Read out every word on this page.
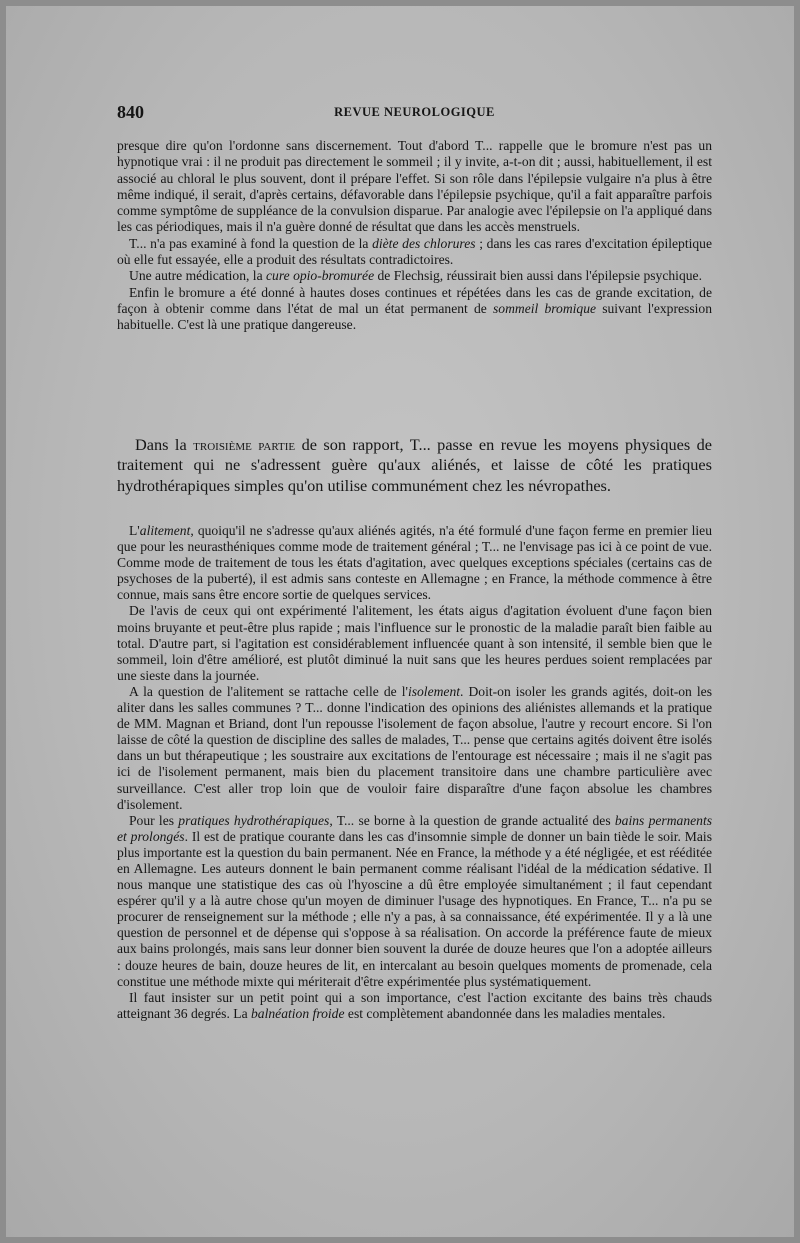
840	REVUE NEUROLOGIQUE

presque dire qu'on l'ordonne sans discernement. Tout d'abord T... rappelle que le bromure n'est pas un hypnotique vrai : il ne produit pas directement le sommeil ; il y invite, a-t-on dit ; aussi, habituellement, il est associé au chloral le plus souvent, dont il prépare l'effet. Si son rôle dans l'épilepsie vulgaire n'a plus à être même indiqué, il serait, d'après certains, défavorable dans l'épilepsie psychique, qu'il a fait apparaître parfois comme symptôme de suppléance de la convulsion disparue. Par analogie avec l'épilepsie on l'a appliqué dans les cas périodiques, mais il n'a guère donné de résultat que dans les accès menstruels.

T... n'a pas examiné à fond la question de la diète des chlorures ; dans les cas rares d'excitation épileptique où elle fut essayée, elle a produit des résultats contradictoires.

Une autre médication, la cure opio-bromurée de Flechsig, réussirait bien aussi dans l'épilepsie psychique.

Enfin le bromure a été donné à hautes doses continues et répétées dans les cas de grande excitation, de façon à obtenir comme dans l'état de mal un état permanent de sommeil bromique suivant l'expression habituelle. C'est là une pratique dangereuse.

Dans la troisième partie de son rapport, T... passe en revue les moyens physiques de traitement qui ne s'adressent guère qu'aux aliénés, et laisse de côté les pratiques hydrothérapiques simples qu'on utilise communément chez les névropathes.

L'alitement, quoiqu'il ne s'adresse qu'aux aliénés agités, n'a été formulé d'une façon ferme en premier lieu que pour les neurasthéniques comme mode de traitement général ; T... ne l'envisage pas ici à ce point de vue. Comme mode de traitement de tous les états d'agitation, avec quelques exceptions spéciales (certains cas de psychoses de la puberté), il est admis sans conteste en Allemagne ; en France, la méthode commence à être connue, mais sans être encore sortie de quelques services.

De l'avis de ceux qui ont expérimenté l'alitement, les états aigus d'agitation évoluent d'une façon bien moins bruyante et peut-être plus rapide ; mais l'influence sur le pronostic de la maladie paraît bien faible au total. D'autre part, si l'agitation est considérablement influencée quant à son intensité, il semble bien que le sommeil, loin d'être amélioré, est plutôt diminué la nuit sans que les heures perdues soient remplacées par une sieste dans la journée.

A la question de l'alitement se rattache celle de l'isolement. Doit-on isoler les grands agités, doit-on les aliter dans les salles communes ? T... donne l'indication des opinions des aliénistes allemands et la pratique de MM. Magnan et Briand, dont l'un repousse l'isolement de façon absolue, l'autre y recourt encore. Si l'on laisse de côté la question de discipline des salles de malades, T... pense que certains agités doivent être isolés dans un but thérapeutique ; les soustraire aux excitations de l'entourage est nécessaire ; mais il ne s'agit pas ici de l'isolement permanent, mais bien du placement transitoire dans une chambre particulière avec surveillance. C'est aller trop loin que de vouloir faire disparaître d'une façon absolue les chambres d'isolement.

Pour les pratiques hydrothérapiques, T... se borne à la question de grande actualité des bains permanents et prolongés. Il est de pratique courante dans les cas d'insomnie simple de donner un bain tiède le soir. Mais plus importante est la question du bain permanent. Née en France, la méthode y a été négligée, et est rééditée en Allemagne. Les auteurs donnent le bain permanent comme réalisant l'idéal de la médication sédative. Il nous manque une statistique des cas où l'hyoscine a dû être employée simultanément ; il faut cependant espérer qu'il y a là autre chose qu'un moyen de diminuer l'usage des hypnotiques. En France, T... n'a pu se procurer de renseignement sur la méthode ; elle n'y a pas, à sa connaissance, été expérimentée. Il y a là une question de personnel et de dépense qui s'oppose à sa réalisation. On accorde la préférence faute de mieux aux bains prolongés, mais sans leur donner bien souvent la durée de douze heures que l'on a adoptée ailleurs : douze heures de bain, douze heures de lit, en intercalant au besoin quelques moments de promenade, cela constitue une méthode mixte qui mériterait d'être expérimentée plus systématiquement.

Il faut insister sur un petit point qui a son importance, c'est l'action excitante des bains très chauds atteignant 36 degrés. La balnéation froide est complètement abandonnée dans les maladies mentales.
